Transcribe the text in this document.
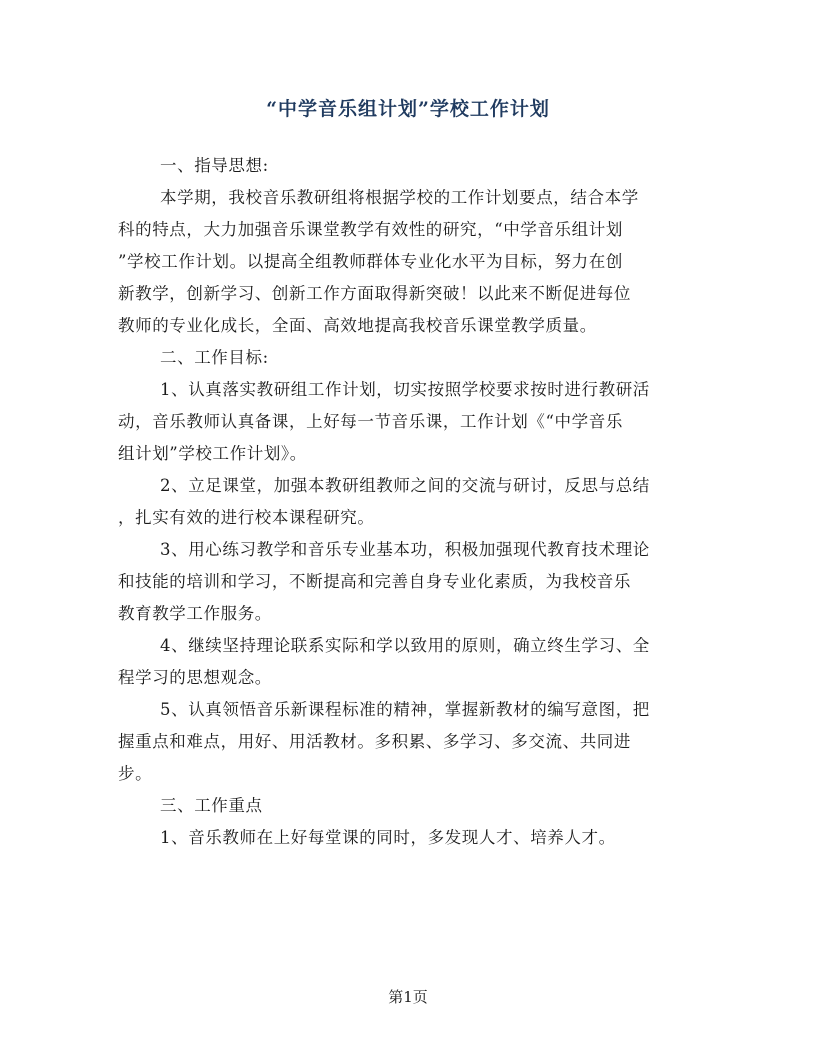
“中学音乐组计划”学校工作计划
一、指导思想:
本学期，我校音乐教研组将根据学校的工作计划要点，结合本学
科的特点，大力加强音乐课堂教学有效性的研究，“中学音乐组计划
”学校工作计划。以提高全组教师群体专业化水平为目标，努力在创
新教学，创新学习、创新工作方面取得新突破！以此来不断促进每位
教师的专业化成长，全面、高效地提高我校音乐课堂教学质量。
二、工作目标:
1、认真落实教研组工作计划，切实按照学校要求按时进行教研活
动，音乐教师认真备课，上好每一节音乐课，工作计划《“中学音乐
组计划”学校工作计划》。
2、立足课堂，加强本教研组教师之间的交流与研讨，反思与总结
，扎实有效的进行校本课程研究。
3、用心练习教学和音乐专业基本功，积极加强现代教育技术理论
和技能的培训和学习，不断提高和完善自身专业化素质，为我校音乐
教育教学工作服务。
4、继续坚持理论联系实际和学以致用的原则，确立终生学习、全
程学习的思想观念。
5、认真领悟音乐新课程标准的精神，掌握新教材的编写意图，把
握重点和难点，用好、用活教材。多积累、多学习、多交流、共同进
步。
三、工作重点
1、音乐教师在上好每堂课的同时，多发现人才、培养人才。
第1页
